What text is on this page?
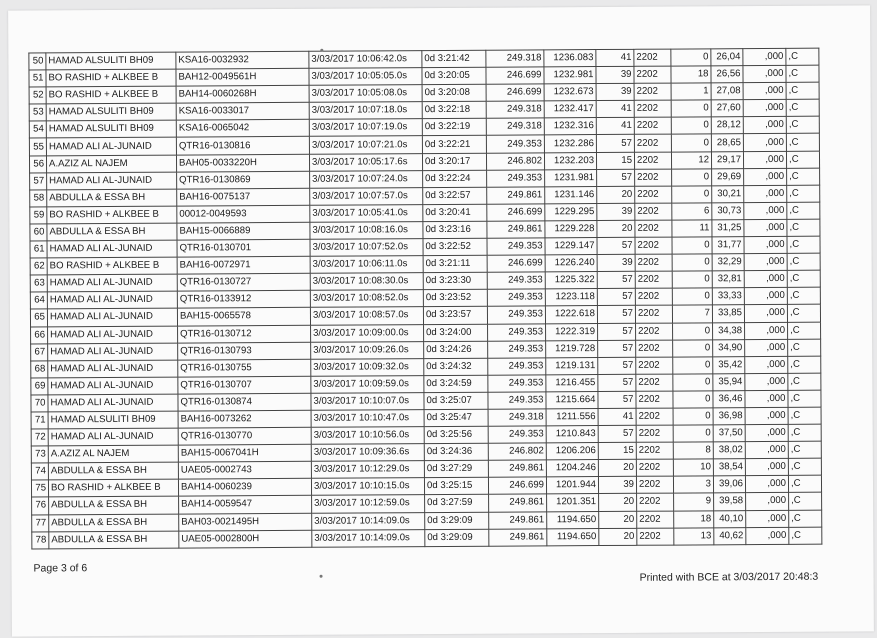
50	HAMAD ALSULITI BH09	KSA16-0032932	3/03/2017 10:06:42.0s	0d 3:21:42	249.318	1236.083	41	2202	0	26,04	,000	,C
51	BO RASHID + ALKBEE B	BAH12-0049561H	3/03/2017 10:05:05.0s	0d 3:20:05	246.699	1232.981	39	2202	18	26,56	,000	,C
52	BO RASHID + ALKBEE B	BAH14-0060268H	3/03/2017 10:05:08.0s	0d 3:20:08	246.699	1232.673	39	2202	1	27,08	,000	,C
53	HAMAD ALSULITI BH09	KSA16-0033017	3/03/2017 10:07:18.0s	0d 3:22:18	249.318	1232.417	41	2202	0	27,60	,000	,C
54	HAMAD ALSULITI BH09	KSA16-0065042	3/03/2017 10:07:19.0s	0d 3:22:19	249.318	1232.316	41	2202	0	28,12	,000	,C
55	HAMAD ALI AL-JUNAID	QTR16-0130816	3/03/2017 10:07:21.0s	0d 3:22:21	249.353	1232.286	57	2202	0	28,65	,000	,C
56	A.AZIZ AL NAJEM	BAH05-0033220H	3/03/2017 10:05:17.6s	0d 3:20:17	246.802	1232.203	15	2202	12	29,17	,000	,C
57	HAMAD ALI AL-JUNAID	QTR16-0130869	3/03/2017 10:07:24.0s	0d 3:22:24	249.353	1231.981	57	2202	0	29,69	,000	,C
58	ABDULLA & ESSA BH	BAH16-0075137	3/03/2017 10:07:57.0s	0d 3:22:57	249.861	1231.146	20	2202	0	30,21	,000	,C
59	BO RASHID + ALKBEE B	00012-0049593	3/03/2017 10:05:41.0s	0d 3:20:41	246.699	1229.295	39	2202	6	30,73	,000	,C
60	ABDULLA & ESSA BH	BAH15-0066889	3/03/2017 10:08:16.0s	0d 3:23:16	249.861	1229.228	20	2202	11	31,25	,000	,C
61	HAMAD ALI AL-JUNAID	QTR16-0130701	3/03/2017 10:07:52.0s	0d 3:22:52	249.353	1229.147	57	2202	0	31,77	,000	,C
62	BO RASHID + ALKBEE B	BAH16-0072971	3/03/2017 10:06:11.0s	0d 3:21:11	246.699	1226.240	39	2202	0	32,29	,000	,C
63	HAMAD ALI AL-JUNAID	QTR16-0130727	3/03/2017 10:08:30.0s	0d 3:23:30	249.353	1225.322	57	2202	0	32,81	,000	,C
64	HAMAD ALI AL-JUNAID	QTR16-0133912	3/03/2017 10:08:52.0s	0d 3:23:52	249.353	1223.118	57	2202	0	33,33	,000	,C
65	HAMAD ALI AL-JUNAID	BAH15-0065578	3/03/2017 10:08:57.0s	0d 3:23:57	249.353	1222.618	57	2202	7	33,85	,000	,C
66	HAMAD ALI AL-JUNAID	QTR16-0130712	3/03/2017 10:09:00.0s	0d 3:24:00	249.353	1222.319	57	2202	0	34,38	,000	,C
67	HAMAD ALI AL-JUNAID	QTR16-0130793	3/03/2017 10:09:26.0s	0d 3:24:26	249.353	1219.728	57	2202	0	34,90	,000	,C
68	HAMAD ALI AL-JUNAID	QTR16-0130755	3/03/2017 10:09:32.0s	0d 3:24:32	249.353	1219.131	57	2202	0	35,42	,000	,C
69	HAMAD ALI AL-JUNAID	QTR16-0130707	3/03/2017 10:09:59.0s	0d 3:24:59	249.353	1216.455	57	2202	0	35,94	,000	,C
70	HAMAD ALI AL-JUNAID	QTR16-0130874	3/03/2017 10:10:07.0s	0d 3:25:07	249.353	1215.664	57	2202	0	36,46	,000	,C
71	HAMAD ALSULITI BH09	BAH16-0073262	3/03/2017 10:10:47.0s	0d 3:25:47	249.318	1211.556	41	2202	0	36,98	,000	,C
72	HAMAD ALI AL-JUNAID	QTR16-0130770	3/03/2017 10:10:56.0s	0d 3:25:56	249.353	1210.843	57	2202	0	37,50	,000	,C
73	A.AZIZ AL NAJEM	BAH15-0067041H	3/03/2017 10:09:36.6s	0d 3:24:36	246.802	1206.206	15	2202	8	38,02	,000	,C
74	ABDULLA & ESSA BH	UAE05-0002743	3/03/2017 10:12:29.0s	0d 3:27:29	249.861	1204.246	20	2202	10	38,54	,000	,C
75	BO RASHID + ALKBEE B	BAH14-0060239	3/03/2017 10:10:15.0s	0d 3:25:15	246.699	1201.944	39	2202	3	39,06	,000	,C
76	ABDULLA & ESSA BH	BAH14-0059547	3/03/2017 10:12:59.0s	0d 3:27:59	249.861	1201.351	20	2202	9	39,58	,000	,C
77	ABDULLA & ESSA BH	BAH03-0021495H	3/03/2017 10:14:09.0s	0d 3:29:09	249.861	1194.650	20	2202	18	40,10	,000	,C
78	ABDULLA & ESSA BH	UAE05-0002800H	3/03/2017 10:14:09.0s	0d 3:29:09	249.861	1194.650	20	2202	13	40,62	,000	,C
Page 3 of 6
Printed with BCE at 3/03/2017 20:48:3
